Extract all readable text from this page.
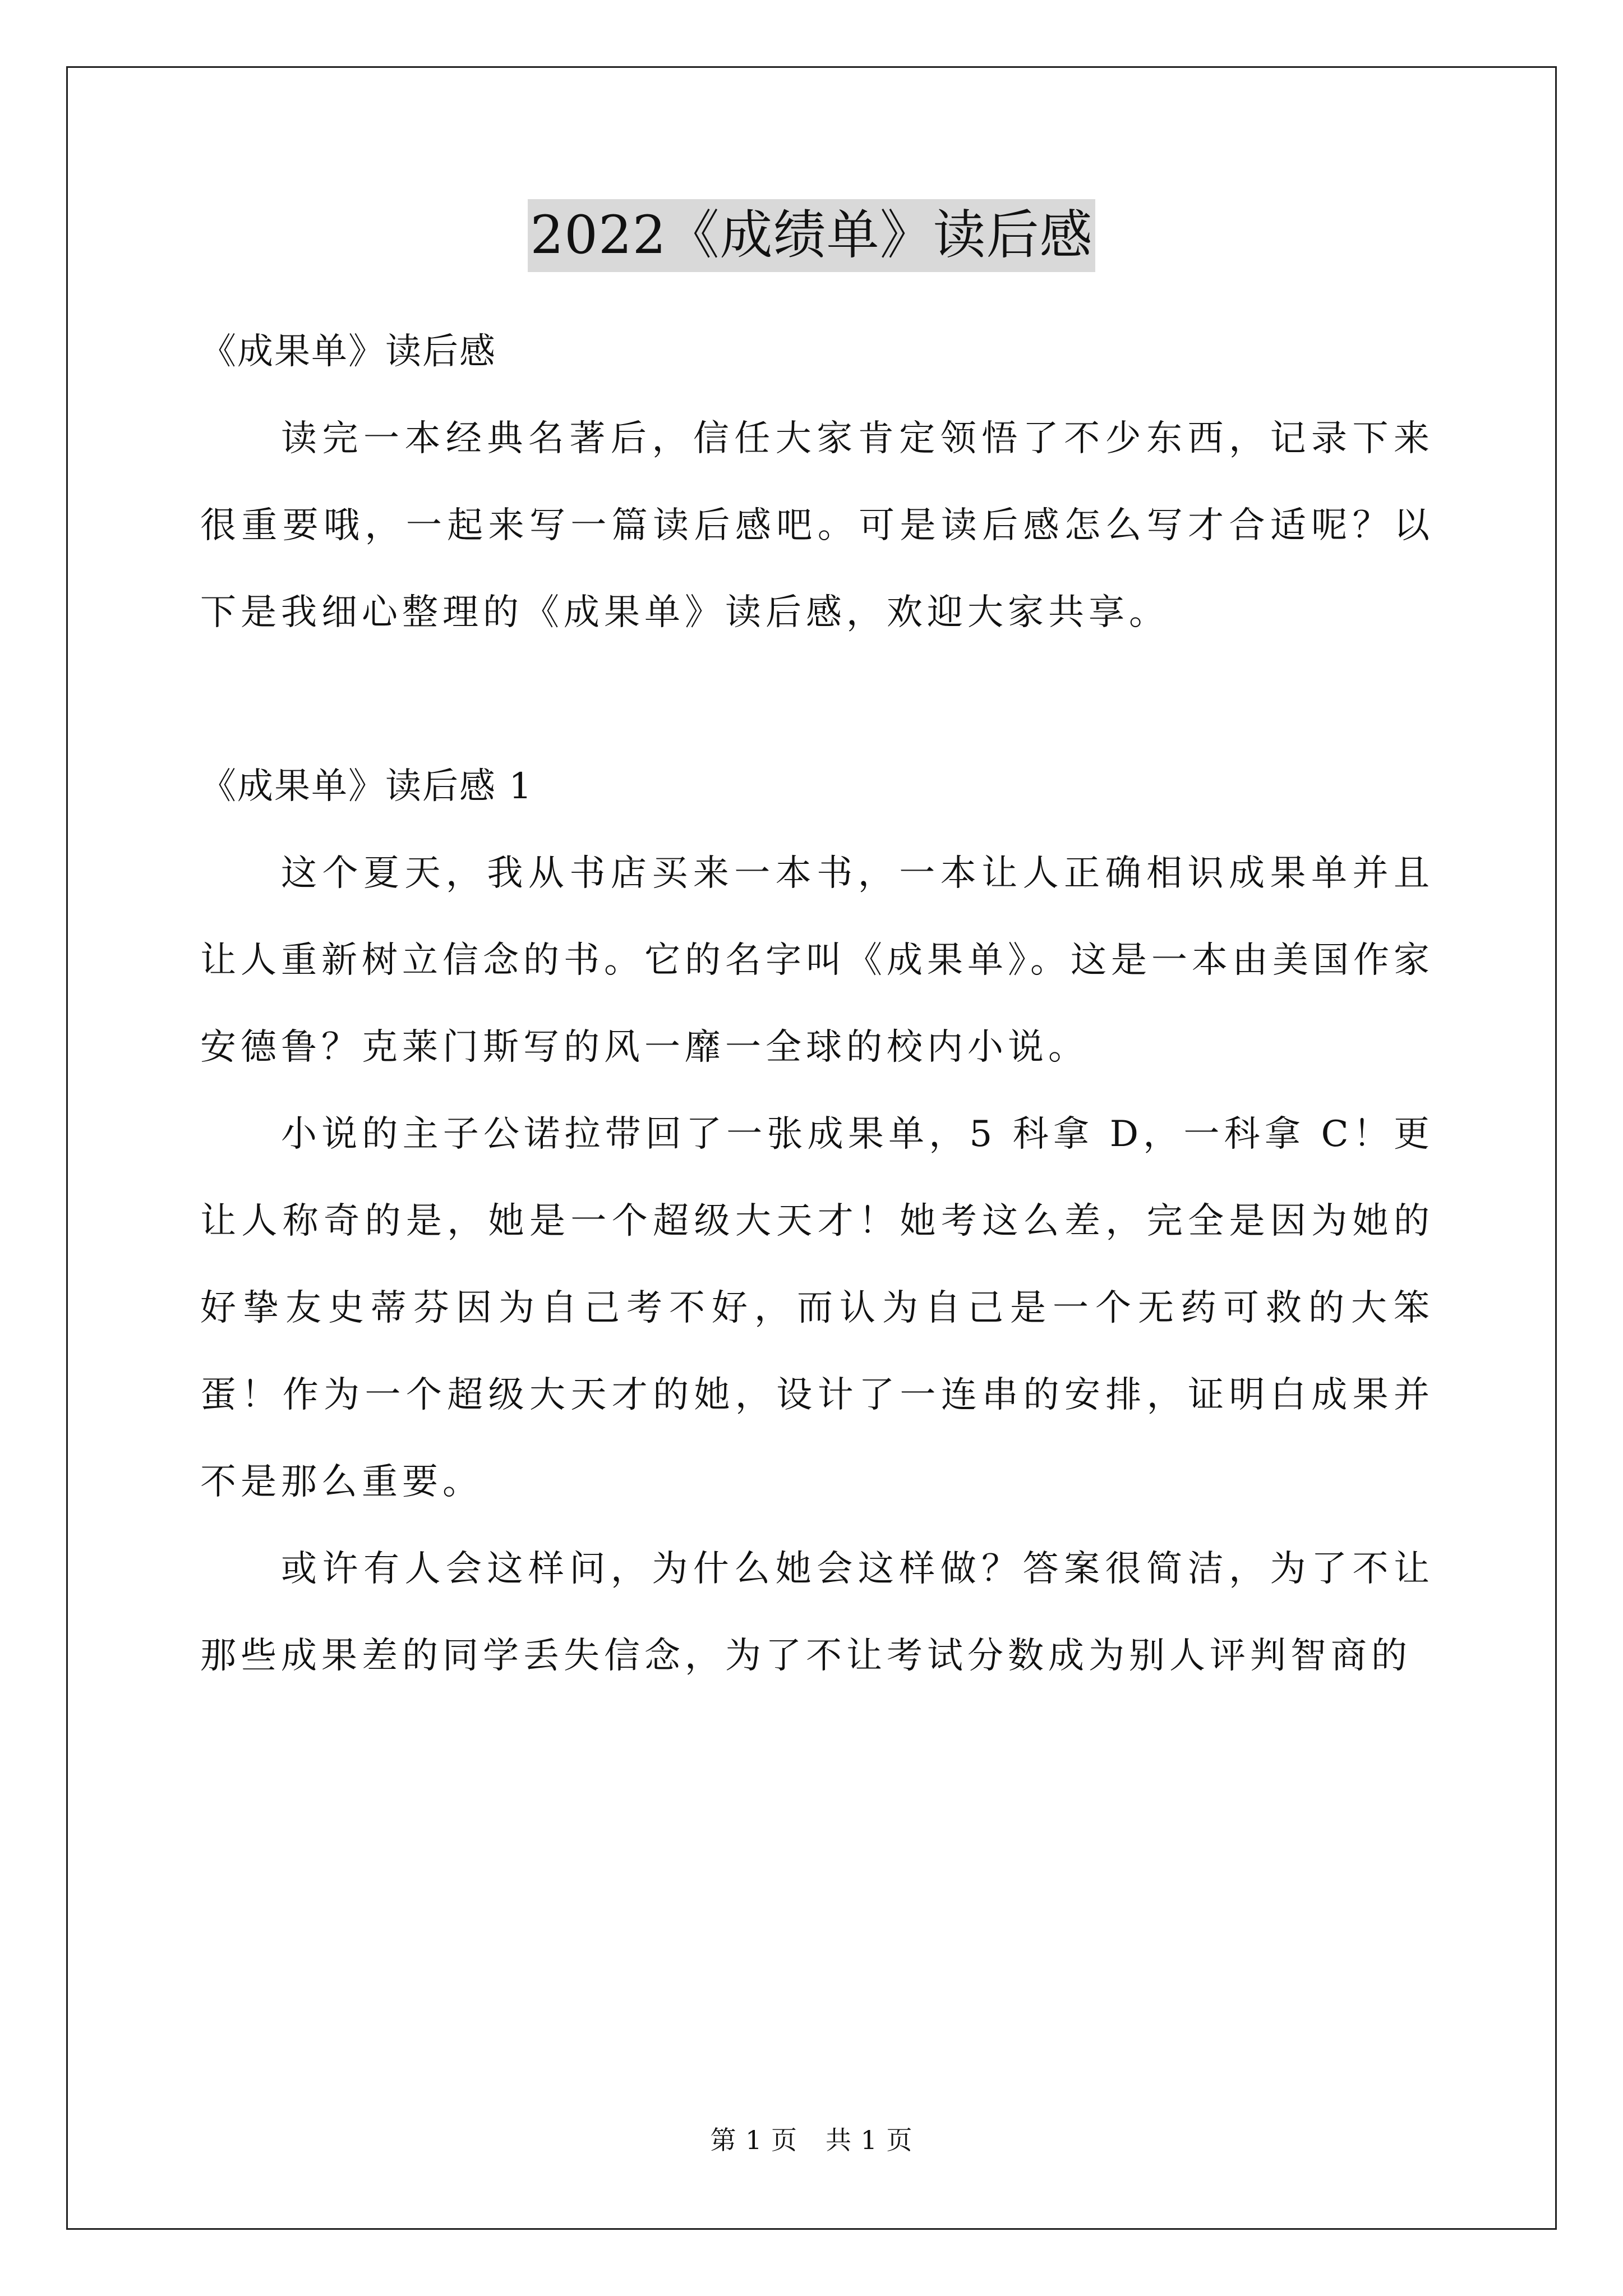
2022《成绩单》读后感

《成果单》读后感

读完一本经典名著后，信任大家肯定领悟了不少东西，记录下来很重要哦，一起来写一篇读后感吧。可是读后感怎么写才合适呢？以下是我细心整理的《成果单》读后感，欢迎大家共享。

《成果单》读后感 1

这个夏天，我从书店买来一本书，一本让人正确相识成果单并且让人重新树立信念的书。它的名字叫《成果单》。这是一本由美国作家安德鲁？克莱门斯写的风一靡一全球的校内小说。

小说的主子公诺拉带回了一张成果单，5 科拿 D，一科拿 C！更让人称奇的是，她是一个超级大天才！她考这么差，完全是因为她的好挚友史蒂芬因为自己考不好，而认为自己是一个无药可救的大笨蛋！作为一个超级大天才的她，设计了一连串的安排，证明白成果并不是那么重要。

或许有人会这样问，为什么她会这样做？答案很简洁，为了不让那些成果差的同学丢失信念，为了不让考试分数成为别人评判智商的

第 1 页 共 1 页
